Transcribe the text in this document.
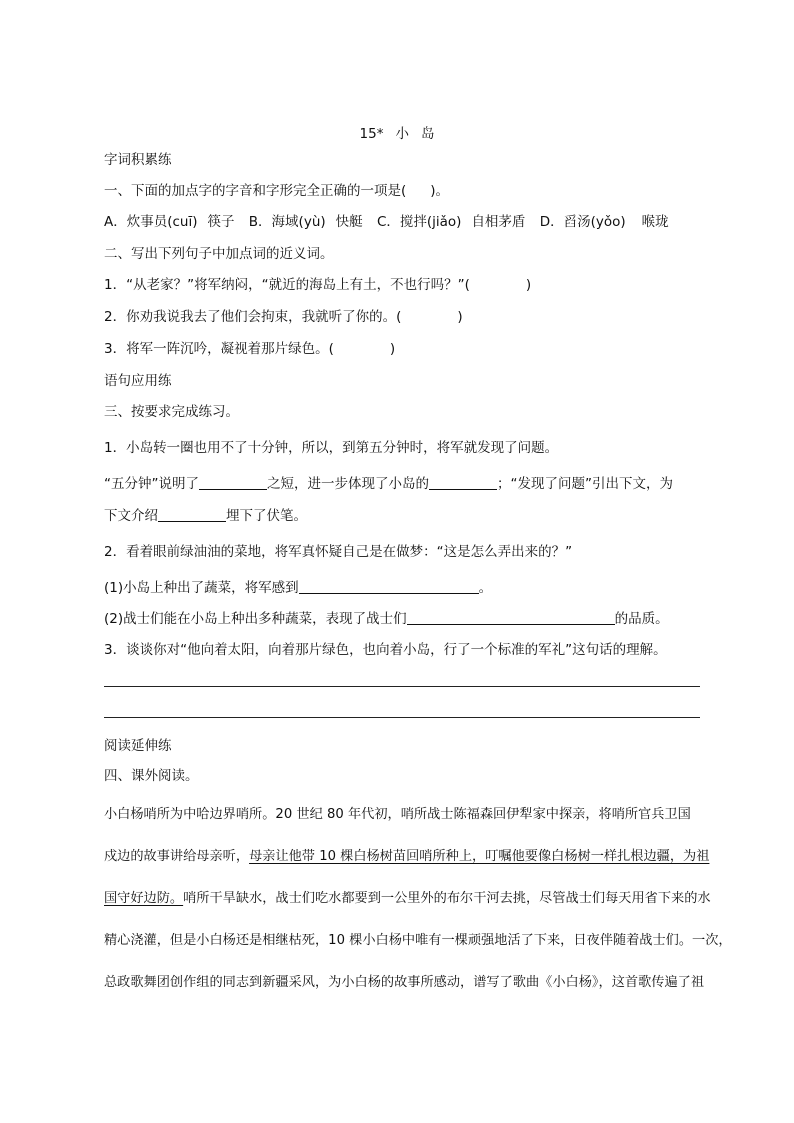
15* 小 岛
字词积累练
一、下面的加点字的字音和字形完全正确的一项是( )。
A．炊事员(cuī) 筷子 B．海域(yù) 快艇 C．搅拌(jiǎo) 自相茅盾 D．舀汤(yǒo) 喉珑
二、写出下列句子中加点词的近义词。
1．“从老家？”将军纳闷，“就近的海岛上有土，不也行吗？”(	)
2．你劝我说我去了他们会拘束，我就听了你的。(	)
3．将军一阵沉吟，凝视着那片绿色。(	)
语句应用练
三、按要求完成练习。
1．小岛转一圈也用不了十分钟，所以，到第五分钟时，将军就发现了问题。
“五分钟”说明了	之短，进一步体现了小岛的	；“发现了问题”引出下文，为
下文介绍	埋下了伏笔。
2．看着眼前绿油油的菜地，将军真怀疑自己是在做梦：“这是怎么弄出来的？”
(1)小岛上种出了蔬菜，将军感到	。
(2)战士们能在小岛上种出多种蔬菜，表现了战士们	的品质。
3．谈谈你对“他向着太阳，向着那片绿色，也向着小岛，行了一个标准的军礼”这句话的理解。
阅读延伸练
四、课外阅读。
小白杨哨所为中哈边界哨所。20 世纪 80 年代初，哨所战士陈福森回伊犁家中探亲，将哨所官兵卫国
戍边的故事讲给母亲听，母亲让他带 10 棵白杨树苗回哨所种上，叮嘱他要像白杨树一样扎根边疆，为祖
国守好边防。哨所干旱缺水，战士们吃水都要到一公里外的布尔干河去挑，尽管战士们每天用省下来的水
精心浇灌，但是小白杨还是相继枯死，10 棵小白杨中唯有一棵顽强地活了下来，日夜伴随着战士们。一次，
总政歌舞团创作组的同志到新疆采风，为小白杨的故事所感动，谱写了歌曲《小白杨》，这首歌传遍了祖
